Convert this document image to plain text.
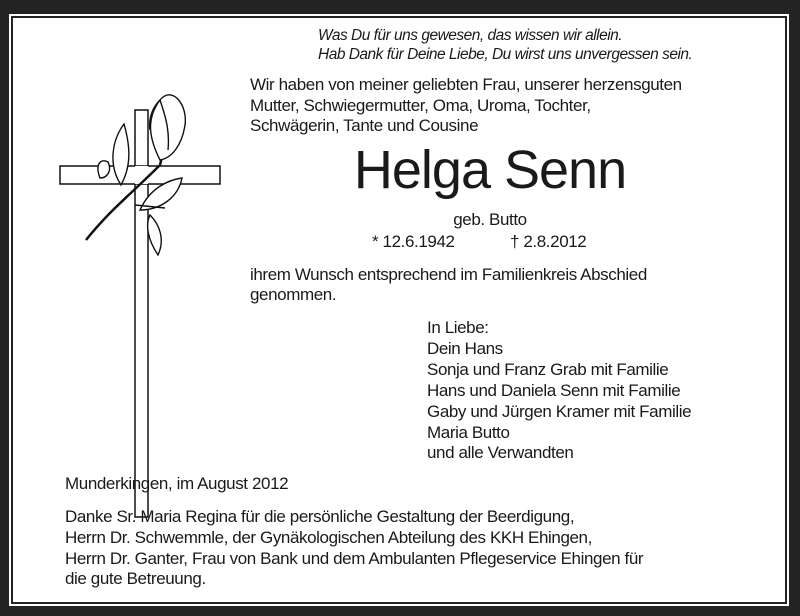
Was Du für uns gewesen, das wissen wir allein.
Hab Dank für Deine Liebe, Du wirst uns unvergessen sein.
Wir haben von meiner geliebten Frau, unserer herzensguten
Mutter, Schwiegermutter, Oma, Uroma, Tochter,
Schwägerin, Tante und Cousine
Helga Senn
geb. Butto
* 12.6.1942	† 2.8.2012
ihrem Wunsch entsprechend im Familienkreis Abschied
genommen.
In Liebe:
Dein Hans
Sonja und Franz Grab mit Familie
Hans und Daniela Senn mit Familie
Gaby und Jürgen Kramer mit Familie
Maria Butto
und alle Verwandten
Munderkingen, im August 2012
Danke Sr. Maria Regina für die persönliche Gestaltung der Beerdigung,
Herrn Dr. Schwemmle, der Gynäkologischen Abteilung des KKH Ehingen,
Herrn Dr. Ganter, Frau von Bank und dem Ambulanten Pflegeservice Ehingen für
die gute Betreuung.
